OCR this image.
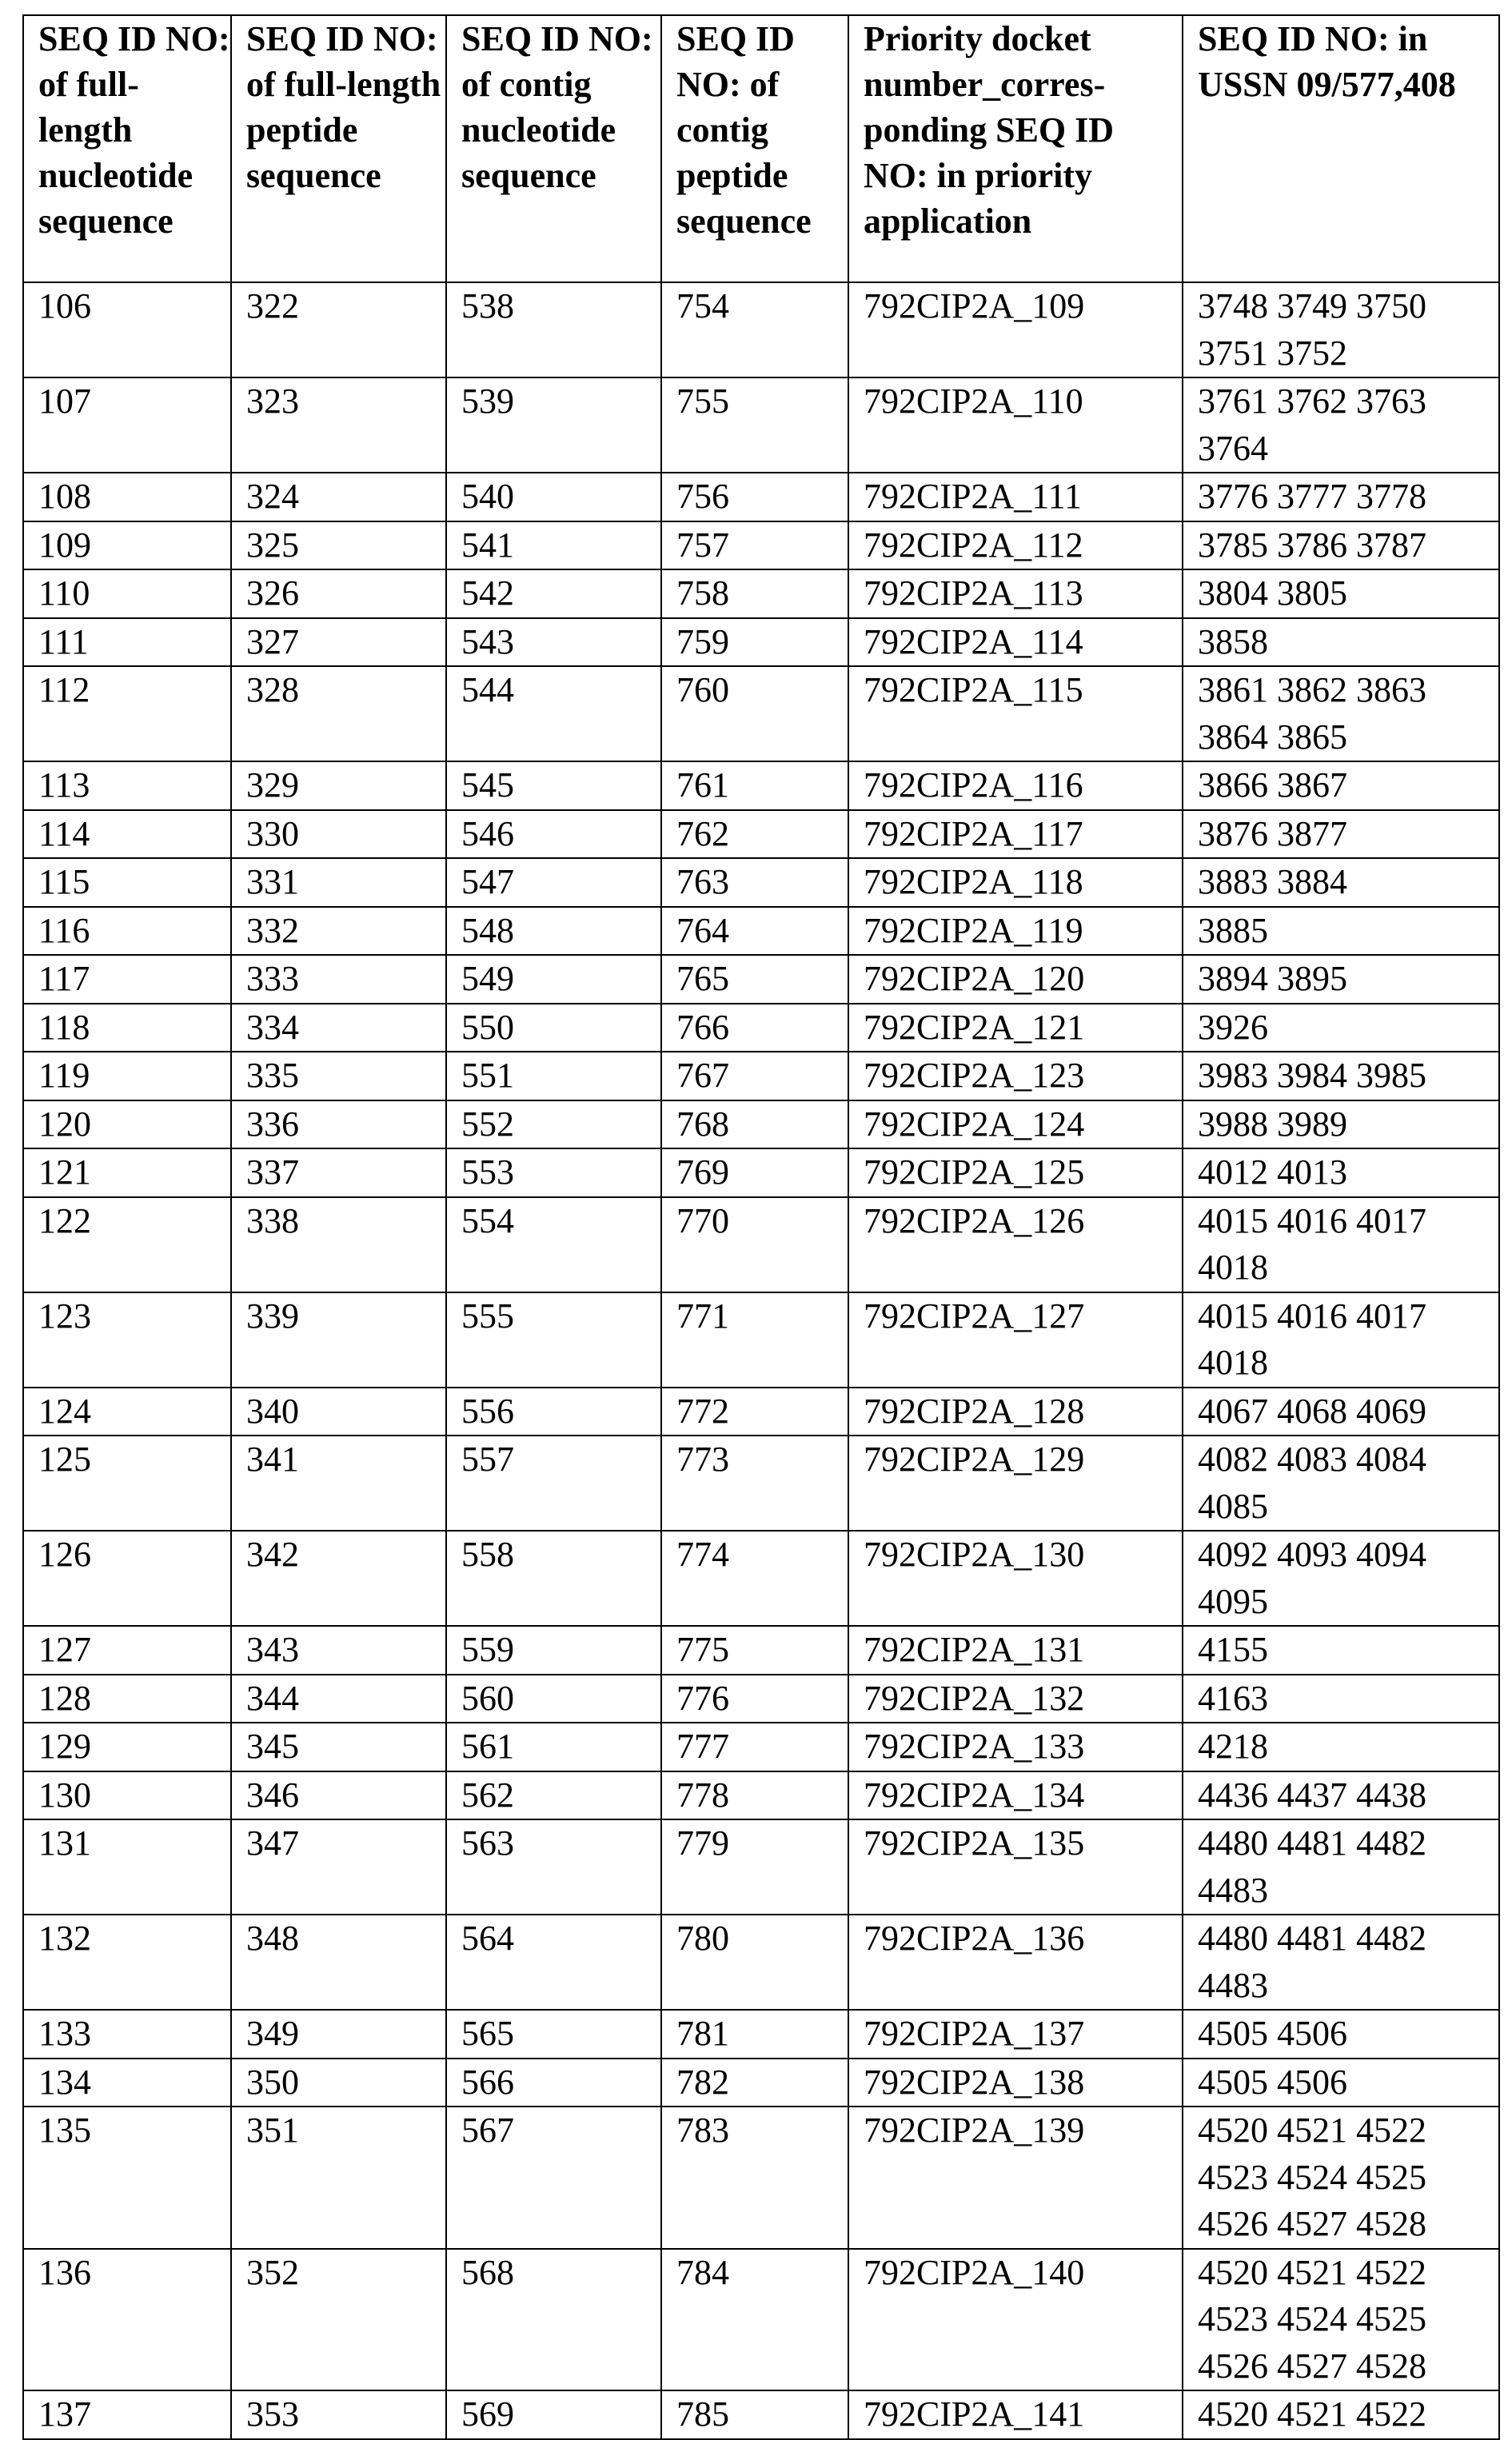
SEQ ID NO: of full-length nucleotide sequence	SEQ ID NO: of full-length peptide sequence	SEQ ID NO: of contig nucleotide sequence	SEQ ID NO: of contig peptide sequence	Priority docket number_corres-ponding SEQ ID NO: in priority application	SEQ ID NO: in USSN 09/577,408
106	322	538	754	792CIP2A_109	3748 3749 3750 3751 3752
107	323	539	755	792CIP2A_110	3761 3762 3763 3764
108	324	540	756	792CIP2A_111	3776 3777 3778
109	325	541	757	792CIP2A_112	3785 3786 3787
110	326	542	758	792CIP2A_113	3804 3805
111	327	543	759	792CIP2A_114	3858
112	328	544	760	792CIP2A_115	3861 3862 3863 3864 3865
113	329	545	761	792CIP2A_116	3866 3867
114	330	546	762	792CIP2A_117	3876 3877
115	331	547	763	792CIP2A_118	3883 3884
116	332	548	764	792CIP2A_119	3885
117	333	549	765	792CIP2A_120	3894 3895
118	334	550	766	792CIP2A_121	3926
119	335	551	767	792CIP2A_123	3983 3984 3985
120	336	552	768	792CIP2A_124	3988 3989
121	337	553	769	792CIP2A_125	4012 4013
122	338	554	770	792CIP2A_126	4015 4016 4017 4018
123	339	555	771	792CIP2A_127	4015 4016 4017 4018
124	340	556	772	792CIP2A_128	4067 4068 4069
125	341	557	773	792CIP2A_129	4082 4083 4084 4085
126	342	558	774	792CIP2A_130	4092 4093 4094 4095
127	343	559	775	792CIP2A_131	4155
128	344	560	776	792CIP2A_132	4163
129	345	561	777	792CIP2A_133	4218
130	346	562	778	792CIP2A_134	4436 4437 4438
131	347	563	779	792CIP2A_135	4480 4481 4482 4483
132	348	564	780	792CIP2A_136	4480 4481 4482 4483
133	349	565	781	792CIP2A_137	4505 4506
134	350	566	782	792CIP2A_138	4505 4506
135	351	567	783	792CIP2A_139	4520 4521 4522 4523 4524 4525 4526 4527 4528
136	352	568	784	792CIP2A_140	4520 4521 4522 4523 4524 4525 4526 4527 4528
137	353	569	785	792CIP2A_141	4520 4521 4522
